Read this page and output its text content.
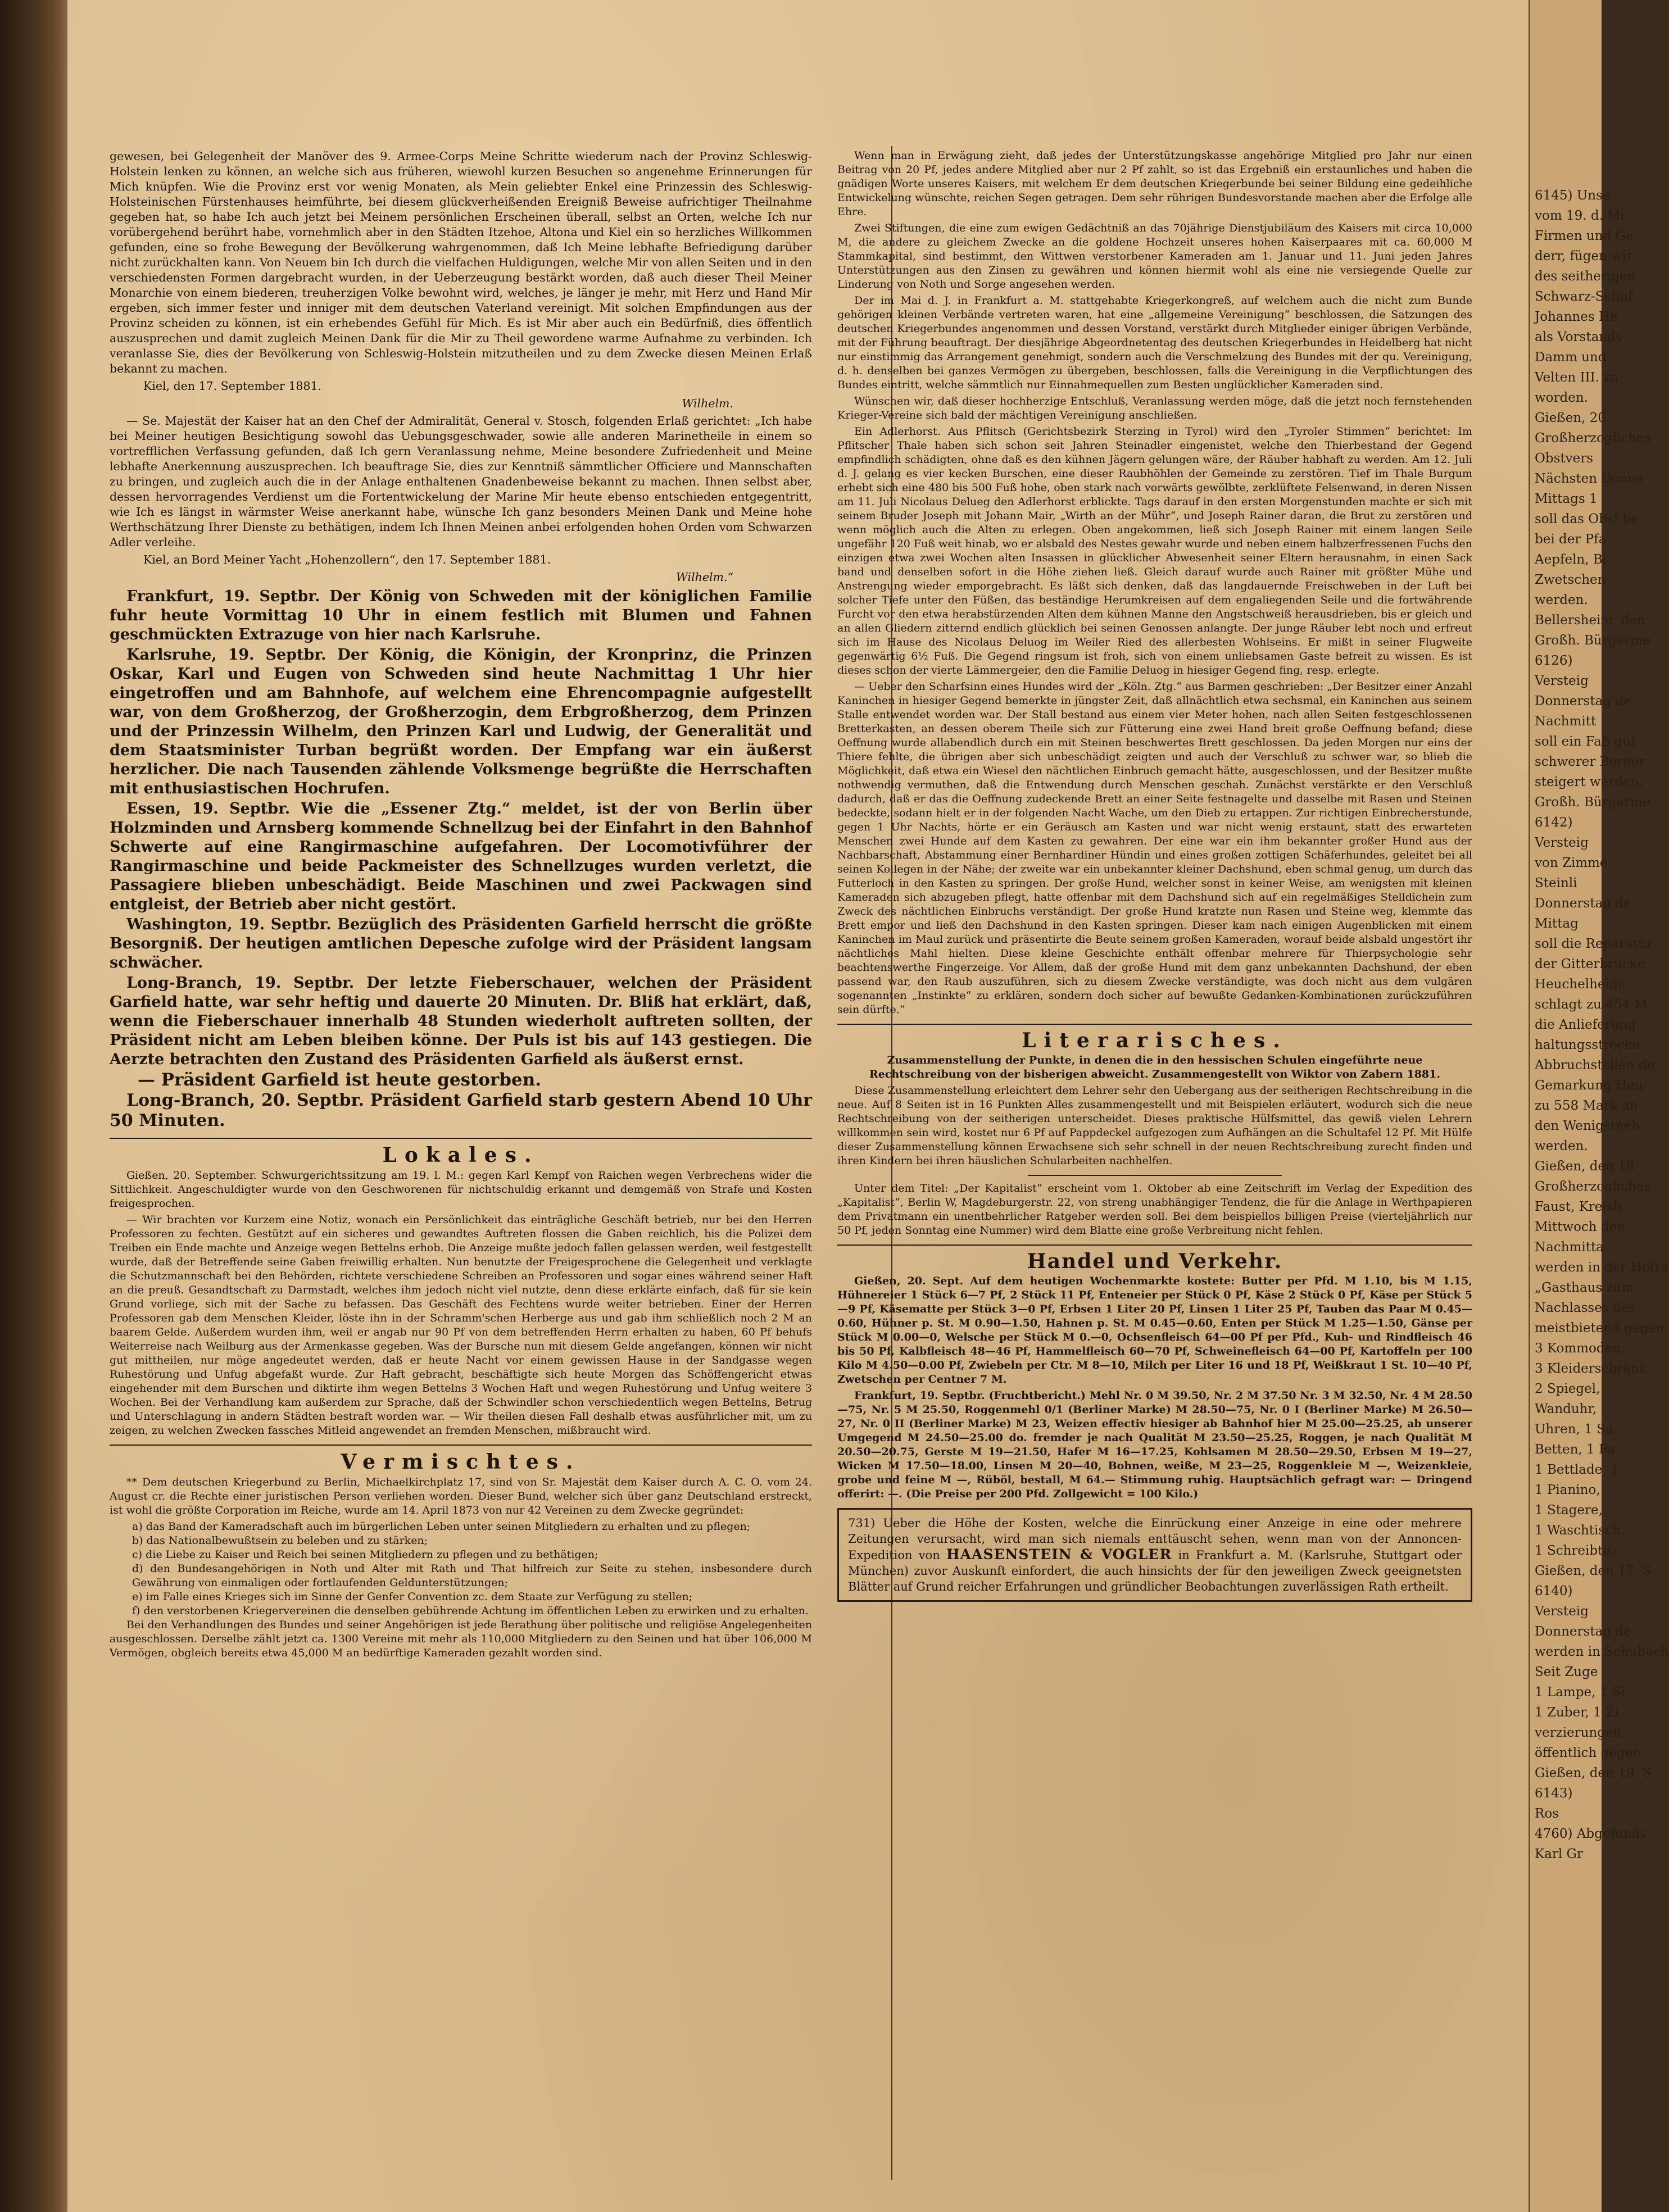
gewesen, bei Gelegenheit der Manöver des 9. Armee-Corps Meine Schritte wiederum nach der Provinz Schleswig-Holstein lenken zu können, an welche sich aus früheren, wiewohl kurzen Besuchen so angenehme Erinnerungen für Mich knüpfen. Wie die Provinz erst vor wenig Monaten, als Mein geliebter Enkel eine Prinzessin des Schleswig-Holsteinischen Fürstenhauses heimführte, bei diesem glückverheißenden Ereigniß Beweise aufrichtiger Theilnahme gegeben hat, so habe Ich auch jetzt bei Meinem persönlichen Erscheinen überall, selbst an Orten, welche Ich nur vorübergehend berührt habe, vornehmlich aber in den Städten Itzehoe, Altona und Kiel ein so herzliches Willkommen gefunden, eine so frohe Bewegung der Bevölkerung wahrgenommen, daß Ich Meine lebhafte Befriedigung darüber nicht zurückhalten kann. Von Neuem bin Ich durch die vielfachen Huldigungen, welche Mir von allen Seiten und in den verschiedensten Formen dargebracht wurden, in der Ueberzeugung bestärkt worden, daß auch dieser Theil Meiner Monarchie von einem biederen, treuherzigen Volke bewohnt wird, welches, je länger je mehr, mit Herz und Hand Mir ergeben, sich immer fester und inniger mit dem deutschen Vaterland vereinigt. Mit solchen Empfindungen aus der Provinz scheiden zu können, ist ein erhebendes Gefühl für Mich. Es ist Mir aber auch ein Bedürfniß, dies öffentlich auszusprechen und damit zugleich Meinen Dank für die Mir zu Theil gewordene warme Aufnahme zu verbinden. Ich veranlasse Sie, dies der Bevölkerung von Schleswig-Holstein mitzutheilen und zu dem Zwecke diesen Meinen Erlaß bekannt zu machen.

Kiel, den 17. September 1881.

Wilhelm.

— Se. Majestät der Kaiser hat an den Chef der Admiralität, General v. Stosch, folgenden Erlaß gerichtet: „Ich habe bei Meiner heutigen Besichtigung sowohl das Uebungsgeschwader, sowie alle anderen Marinetheile in einem so vortrefflichen Verfassung gefunden, daß Ich gern Veranlassung nehme, Meine besondere Zufriedenheit und Meine lebhafte Anerkennung auszusprechen. Ich beauftrage Sie, dies zur Kenntniß sämmtlicher Officiere und Mannschaften zu bringen, und zugleich auch die in der Anlage enthaltenen Gnadenbeweise bekannt zu machen. Ihnen selbst aber, dessen hervorragendes Verdienst um die Fortentwickelung der Marine Mir heute ebenso entschieden entgegentritt, wie Ich es längst in wärmster Weise anerkannt habe, wünsche Ich ganz besonders Meinen Dank und Meine hohe Werthschätzung Ihrer Dienste zu bethätigen, indem Ich Ihnen Meinen anbei erfolgenden hohen Orden vom Schwarzen Adler verleihe.

Kiel, an Bord Meiner Yacht „Hohenzollern“, den 17. September 1881.

Wilhelm.“

Frankfurt, 19. Septbr. Der König von Schweden mit der königlichen Familie fuhr heute Vormittag 10 Uhr in einem festlich mit Blumen und Fahnen geschmückten Extrazuge von hier nach Karlsruhe.

Karlsruhe, 19. Septbr. Der König, die Königin, der Kronprinz, die Prinzen Oskar, Karl und Eugen von Schweden sind heute Nachmittag 1 Uhr hier eingetroffen und am Bahnhofe, auf welchem eine Ehrencompagnie aufgestellt war, von dem Großherzog, der Großherzogin, dem Erbgroßherzog, dem Prinzen und der Prinzessin Wilhelm, den Prinzen Karl und Ludwig, der Generalität und dem Staatsminister Turban begrüßt worden. Der Empfang war ein äußerst herzlicher. Die nach Tausenden zählende Volksmenge begrüßte die Herrschaften mit enthusiastischen Hochrufen.

Essen, 19. Septbr. Wie die „Essener Ztg.“ meldet, ist der von Berlin über Holzminden und Arnsberg kommende Schnellzug bei der Einfahrt in den Bahnhof Schwerte auf eine Rangirmaschine aufgefahren. Der Locomotivführer der Rangirmaschine und beide Packmeister des Schnellzuges wurden verletzt, die Passagiere blieben unbeschädigt. Beide Maschinen und zwei Packwagen sind entgleist, der Betrieb aber nicht gestört.

Washington, 19. Septbr. Bezüglich des Präsidenten Garfield herrscht die größte Besorgniß. Der heutigen amtlichen Depesche zufolge wird der Präsident langsam schwächer.

Long-Branch, 19. Septbr. Der letzte Fieberschauer, welchen der Präsident Garfield hatte, war sehr heftig und dauerte 20 Minuten. Dr. Bliß hat erklärt, daß, wenn die Fieberschauer innerhalb 48 Stunden wiederholt auftreten sollten, der Präsident nicht am Leben bleiben könne. Der Puls ist bis auf 143 gestiegen. Die Aerzte betrachten den Zustand des Präsidenten Garfield als äußerst ernst.

— Präsident Garfield ist heute gestorben.

Long-Branch, 20. Septbr. Präsident Garfield starb gestern Abend 10 Uhr 50 Minuten.

Lokales.

Gießen, 20. September. Schwurgerichtssitzung am 19. l. M.: gegen Karl Kempf von Raichen wegen Verbrechens wider die Sittlichkeit. Angeschuldigter wurde von den Geschworenen für nichtschuldig erkannt und demgemäß von Strafe und Kosten freigesprochen.

— Wir brachten vor Kurzem eine Notiz, wonach ein Persönlichkeit das einträgliche Geschäft betrieb, nur bei den Herren Professoren zu fechten. Gestützt auf ein sicheres und gewandtes Auftreten flossen die Gaben reichlich, bis die Polizei dem Treiben ein Ende machte und Anzeige wegen Bettelns erhob. Die Anzeige mußte jedoch fallen gelassen werden, weil festgestellt wurde, daß der Betreffende seine Gaben freiwillig erhalten. Nun benutzte der Freigesprochene die Gelegenheit und verklagte die Schutzmannschaft bei den Behörden, richtete verschiedene Schreiben an Professoren und sogar eines während seiner Haft an die preuß. Gesandtschaft zu Darmstadt, welches ihm jedoch nicht viel nutzte, denn diese erklärte einfach, daß für sie kein Grund vorliege, sich mit der Sache zu befassen. Das Geschäft des Fechtens wurde weiter betrieben. Einer der Herren Professoren gab dem Menschen Kleider, löste ihn in der Schramm'schen Herberge aus und gab ihm schließlich noch 2 M an baarem Gelde. Außerdem wurden ihm, weil er angab nur 90 Pf von dem betreffenden Herrn erhalten zu haben, 60 Pf behufs Weiterreise nach Weilburg aus der Armenkasse gegeben. Was der Bursche nun mit diesem Gelde angefangen, können wir nicht gut mittheilen, nur möge angedeutet werden, daß er heute Nacht vor einem gewissen Hause in der Sandgasse wegen Ruhestörung und Unfug abgefaßt wurde. Zur Haft gebracht, beschäftigte sich heute Morgen das Schöffengericht etwas eingehender mit dem Burschen und diktirte ihm wegen Bettelns 3 Wochen Haft und wegen Ruhestörung und Unfug weitere 3 Wochen. Bei der Verhandlung kam außerdem zur Sprache, daß der Schwindler schon verschiedentlich wegen Bettelns, Betrug und Unterschlagung in andern Städten bestraft worden war. — Wir theilen diesen Fall deshalb etwas ausführlicher mit, um zu zeigen, zu welchen Zwecken fassches Mitleid angewendet an fremden Menschen, mißbraucht wird.

Vermischtes.

** Dem deutschen Kriegerbund zu Berlin, Michaelkirchplatz 17, sind von Sr. Majestät dem Kaiser durch A. C. O. vom 24. August cr. die Rechte einer juristischen Person verliehen worden. Dieser Bund, welcher sich über ganz Deutschland erstreckt, ist wohl die größte Corporation im Reiche, wurde am 14. April 1873 von nur 42 Vereinen zu dem Zwecke gegründet:

a) das Band der Kameradschaft auch im bürgerlichen Leben unter seinen Mitgliedern zu erhalten und zu pflegen;
b) das Nationalbewußtsein zu beleben und zu stärken;
c) die Liebe zu Kaiser und Reich bei seinen Mitgliedern zu pflegen und zu bethätigen;
d) den Bundesangehörigen in Noth und Alter mit Rath und That hilfreich zur Seite zu stehen, insbesondere durch Gewährung von einmaligen oder fortlaufenden Geldunterstützungen;
e) im Falle eines Krieges sich im Sinne der Genfer Convention zc. dem Staate zur Verfügung zu stellen;
f) den verstorbenen Kriegervereinen die denselben gebührende Achtung im öffentlichen Leben zu erwirken und zu erhalten.

Bei den Verhandlungen des Bundes und seiner Angehörigen ist jede Berathung über politische und religiöse Angelegenheiten ausgeschlossen. Derselbe zählt jetzt ca. 1300 Vereine mit mehr als 110,000 Mitgliedern zu den Seinen und hat über 106,000 M Vermögen, obgleich bereits etwa 45,000 M an bedürftige Kameraden gezahlt worden sind.

Wenn man in Erwägung zieht, daß jedes der Unterstützungskasse angehörige Mitglied pro Jahr nur einen Beitrag von 20 Pf, jedes andere Mitglied aber nur 2 Pf zahlt, so ist das Ergebniß ein erstaunliches und haben die gnädigen Worte unseres Kaisers, mit welchem Er dem deutschen Kriegerbunde bei seiner Bildung eine gedeihliche Entwickelung wünschte, reichen Segen getragen. Dem sehr rührigen Bundesvorstande machen aber die Erfolge alle Ehre.

Zwei Stiftungen, die eine zum ewigen Gedächtniß an das 70jährige Dienstjubiläum des Kaisers mit circa 10,000 M, die andere zu gleichem Zwecke an die goldene Hochzeit unseres hohen Kaiserpaares mit ca. 60,000 M Stammkapital, sind bestimmt, den Wittwen verstorbener Kameraden am 1. Januar und 11. Juni jeden Jahres Unterstützungen aus den Zinsen zu gewähren und können hiermit wohl als eine nie versiegende Quelle zur Linderung von Noth und Sorge angesehen werden.

Der im Mai d. J. in Frankfurt a. M. stattgehabte Kriegerkongreß, auf welchem auch die nicht zum Bunde gehörigen kleinen Verbände vertreten waren, hat eine „allgemeine Vereinigung“ beschlossen, die Satzungen des deutschen Kriegerbundes angenommen und dessen Vorstand, verstärkt durch Mitglieder einiger übrigen Verbände, mit der Führung beauftragt. Der diesjährige Abgeordnetentag des deutschen Kriegerbundes in Heidelberg hat nicht nur einstimmig das Arrangement genehmigt, sondern auch die Verschmelzung des Bundes mit der qu. Vereinigung, d. h. denselben bei ganzes Vermögen zu übergeben, beschlossen, falls die Vereinigung in die Verpflichtungen des Bundes eintritt, welche sämmtlich nur Einnahmequellen zum Besten unglücklicher Kameraden sind.

Wünschen wir, daß dieser hochherzige Entschluß, Veranlassung werden möge, daß die jetzt noch fernstehenden Krieger-Vereine sich bald der mächtigen Vereinigung anschließen.

Ein Adlerhorst. Aus Pflitsch (Gerichtsbezirk Sterzing in Tyrol) wird den „Tyroler Stimmen“ berichtet: Im Pflitscher Thale haben sich schon seit Jahren Steinadler eingenistet, welche den Thierbestand der Gegend empfindlich schädigten, ohne daß es den kühnen Jägern gelungen wäre, der Räuber habhaft zu werden. Am 12. Juli d. J. gelang es vier kecken Burschen, eine dieser Raubhöhlen der Gemeinde zu zerstören. Tief im Thale Burgum erhebt sich eine 480 bis 500 Fuß hohe, oben stark nach vorwärts gewölbte, zerklüftete Felsenwand, in deren Nissen am 11. Juli Nicolaus Delueg den Adlerhorst erblickte. Tags darauf in den ersten Morgenstunden machte er sich mit seinem Bruder Joseph mit Johann Mair, „Wirth an der Mühr“, und Joseph Rainer daran, die Brut zu zerstören und wenn möglich auch die Alten zu erlegen. Oben angekommen, ließ sich Joseph Rainer mit einem langen Seile ungefähr 120 Fuß weit hinab, wo er alsbald des Nestes gewahr wurde und neben einem halbzerfressenen Fuchs den einzigen etwa zwei Wochen alten Insassen in glücklicher Abwesenheit seiner Eltern herausnahm, in einen Sack band und denselben sofort in die Höhe ziehen ließ. Gleich darauf wurde auch Rainer mit größter Mühe und Anstrengung wieder emporgebracht. Es läßt sich denken, daß das langdauernde Freischweben in der Luft bei solcher Tiefe unter den Füßen, das beständige Herumkreisen auf dem engaliegenden Seile und die fortwährende Furcht vor den etwa herabstürzenden Alten dem kühnen Manne den Angstschweiß herausdrieben, bis er gleich und an allen Gliedern zitternd endlich glücklich bei seinen Genossen anlangte. Der junge Räuber lebt noch und erfreut sich im Hause des Nicolaus Deluog im Weiler Ried des allerbesten Wohlseins. Er mißt in seiner Flugweite gegenwärtig 6½ Fuß. Die Gegend ringsum ist froh, sich von einem unliebsamen Gaste befreit zu wissen. Es ist dieses schon der vierte Lämmergeier, den die Familie Deluog in hiesiger Gegend fing, resp. erlegte.

— Ueber den Scharfsinn eines Hundes wird der „Köln. Ztg.“ aus Barmen geschrieben: „Der Besitzer einer Anzahl Kaninchen in hiesiger Gegend bemerkte in jüngster Zeit, daß allnächtlich etwa sechsmal, ein Kaninchen aus seinem Stalle entwendet worden war. Der Stall bestand aus einem vier Meter hohen, nach allen Seiten festgeschlossenen Bretterkasten, an dessen oberem Theile sich zur Fütterung eine zwei Hand breit große Oeffnung befand; diese Oeffnung wurde allabendlich durch ein mit Steinen beschwertes Brett geschlossen. Da jeden Morgen nur eins der Thiere fehlte, die übrigen aber sich unbeschädigt zeigten und auch der Verschluß zu schwer war, so blieb die Möglichkeit, daß etwa ein Wiesel den nächtlichen Einbruch gemacht hätte, ausgeschlossen, und der Besitzer mußte nothwendig vermuthen, daß die Entwendung durch Menschen geschah. Zunächst verstärkte er den Verschluß dadurch, daß er das die Oeffnung zudeckende Brett an einer Seite festnagelte und dasselbe mit Rasen und Steinen bedeckte, sodann hielt er in der folgenden Nacht Wache, um den Dieb zu ertappen. Zur richtigen Einbrecherstunde, gegen 1 Uhr Nachts, hörte er ein Geräusch am Kasten und war nicht wenig erstaunt, statt des erwarteten Menschen zwei Hunde auf dem Kasten zu gewahren. Der eine war ein ihm bekannter großer Hund aus der Nachbarschaft, Abstammung einer Bernhardiner Hündin und eines großen zottigen Schäferhundes, geleitet bei all seinen Kollegen in der Nähe; der zweite war ein unbekannter kleiner Dachshund, eben schmal genug, um durch das Futterloch in den Kasten zu springen. Der große Hund, welcher sonst in keiner Weise, am wenigsten mit kleinen Kameraden sich abzugeben pflegt, hatte offenbar mit dem Dachshund sich auf ein regelmäßiges Stelldichein zum Zweck des nächtlichen Einbruchs verständigt. Der große Hund kratzte nun Rasen und Steine weg, klemmte das Brett empor und ließ den Dachshund in den Kasten springen. Dieser kam nach einigen Augenblicken mit einem Kaninchen im Maul zurück und präsentirte die Beute seinem großen Kameraden, worauf beide alsbald ungestört ihr nächtliches Mahl hielten. Diese kleine Geschichte enthält offenbar mehrere für Thierpsychologie sehr beachtenswerthe Fingerzeige. Vor Allem, daß der große Hund mit dem ganz unbekannten Dachshund, der eben passend war, den Raub auszuführen, sich zu diesem Zwecke verständigte, was doch nicht aus dem vulgären sogenannten „Instinkte“ zu erklären, sondern doch sicher auf bewußte Gedanken-Kombinationen zurückzuführen sein dürfte.“

Literarisches.

Zusammenstellung der Punkte, in denen die in den hessischen Schulen eingeführte neue Rechtschreibung von der bisherigen abweicht. Zusammengestellt von Wiktor von Zabern 1881.

Diese Zusammenstellung erleichtert dem Lehrer sehr den Uebergang aus der seitherigen Rechtschreibung in die neue. Auf 8 Seiten ist in 16 Punkten Alles zusammengestellt und mit Beispielen erläutert, wodurch sich die neue Rechtschreibung von der seitherigen unterscheidet. Dieses praktische Hülfsmittel, das gewiß vielen Lehrern willkommen sein wird, kostet nur 6 Pf auf Pappdeckel aufgezogen zum Aufhängen an die Schultafel 12 Pf. Mit Hülfe dieser Zusammenstellung können Erwachsene sich sehr schnell in der neuen Rechtschreibung zurecht finden und ihren Kindern bei ihren häuslichen Schularbeiten nachhelfen.

Unter dem Titel: „Der Kapitalist“ erscheint vom 1. Oktober ab eine Zeitschrift im Verlag der Expedition des „Kapitalist“, Berlin W, Magdeburgerstr. 22, von streng unabhängiger Tendenz, die für die Anlage in Werthpapieren dem Privatmann ein unentbehrlicher Ratgeber werden soll. Bei dem beispiellos billigen Preise (vierteljährlich nur 50 Pf, jeden Sonntag eine Nummer) wird dem Blatte eine große Verbreitung nicht fehlen.

Handel und Verkehr.

Gießen, 20. Sept. Auf dem heutigen Wochenmarkte kostete: Butter per Pfd. M 1.10, bis M 1.15, Hühnereier 1 Stück 6—7 Pf, 2 Stück 11 Pf, Enteneier per Stück 0 Pf, Käse 2 Stück 0 Pf, Käse per Stück 5—9 Pf, Käsematte per Stück 3—0 Pf, Erbsen 1 Liter 20 Pf, Linsen 1 Liter 25 Pf, Tauben das Paar M 0.45—0.60, Hühner p. St. M 0.90—1.50, Hahnen p. St. M 0.45—0.60, Enten per Stück M 1.25—1.50, Gänse per Stück M 0.00—0, Welsche per Stück M 0.—0, Ochsenfleisch 64—00 Pf per Pfd., Kuh- und Rindfleisch 46 bis 50 Pf, Kalbfleisch 48—46 Pf, Hammelfleisch 60—70 Pf, Schweinefleisch 64—00 Pf, Kartoffeln per 100 Kilo M 4.50—0.00 Pf, Zwiebeln per Ctr. M 8—10, Milch per Liter 16 und 18 Pf, Weißkraut 1 St. 10—40 Pf, Zwetschen per Centner 7 M.

Frankfurt, 19. Septbr. (Fruchtbericht.) Mehl Nr. 0 M 39.50, Nr. 2 M 37.50 Nr. 3 M 32.50, Nr. 4 M 28.50—75, Nr. 5 M 25.50, Roggenmehl 0/1 (Berliner Marke) M 28.50—75, Nr. 0 I (Berliner Marke) M 26.50—27, Nr. 0 II (Berliner Marke) M 23, Weizen effectiv hiesiger ab Bahnhof hier M 25.00—25.25, ab unserer Umgegend M 24.50—25.00 do. fremder je nach Qualität M 23.50—25.25, Roggen, je nach Qualität M 20.50—20.75, Gerste M 19—21.50, Hafer M 16—17.25, Kohlsamen M 28.50—29.50, Erbsen M 19—27, Wicken M 17.50—18.00, Linsen M 20—40, Bohnen, weiße, M 23—25, Roggenkleie M —, Weizenkleie, grobe und feine M —, Rüböl, bestall, M 64.— Stimmung ruhig. Hauptsächlich gefragt war: — Dringend offerirt: —. (Die Preise per 200 Pfd. Zollgewicht = 100 Kilo.)

731) Ueber die Höhe der Kosten, welche die Einrückung einer Anzeige in eine oder mehrere Zeitungen verursacht, wird man sich niemals enttäuscht sehen, wenn man von der Annoncen-Expedition von HAASENSTEIN & VOGLER in Frankfurt a. M. (Karlsruhe, Stuttgart oder München) zuvor Auskunft einfordert, die auch hinsichts der für den jeweiligen Zweck geeignetsten Blätter auf Grund reicher Erfahrungen und gründlicher Beobachtungen zuverlässigen Rath ertheilt.
6145) Unse
vom 19. d. Mi
Firmen und Ge
derr, fügen wir
des seitherigen
Schwarz-Schuf-
Johannes He
als Vorstands-
Damm und
Velten III. zu
worden.
Gießen, 20.
Großherzogliches
Obstvers
Nächsten Donne
Mittags 1
soll das Obst be
bei der Pfa
Aepfeln, Bi
Zwetschen
werden.
Bellersheim, den
Großh. Bürgerme
6126)
Versteig
Donnerstag de
Nachmitt
soll ein Faß gut
schwerer Berner
steigert werden.
Großh. Bürgerme
6142)
Versteig
von Zimme
Steinli
Donnerstag de
Mittag
soll die Reparatur
der Gitterbrücke
Heuchelheim:
schlagt zu 454 M
die Anlieferung
haltungsstrecke
Abbruchstellen de
Gemarkung Heu
zu 558 Mark an
den Wenigstneh
werden.
Gießen, den 18
Großherzogliches
Faust, Kreisb
Mittwoch den
Nachmitta
werden in der Hofra
„Gasthaus zum
Nachlasses des
meistbietend gegen
3 Kommoden,
3 Kleiderschränk
2 Spiegel,
Wanduhr,
Uhren, 1 Sa
Betten, 1 Fa
1 Bettlade, 1
1 Pianino,
1 Stagere,
1 Waschtisch,
1 Schreibtisc
Gießen, den 17. S
6140)
Versteig
Donnerstag de
werden in Schubach
Seit Zuge
1 Lampe, 1 Si
1 Zuber, 1 Zi
verzierungen,
öffentlich gegen
Gießen, den 19. S
6143)
Ros
4760) Abgefunds
Karl Gr
